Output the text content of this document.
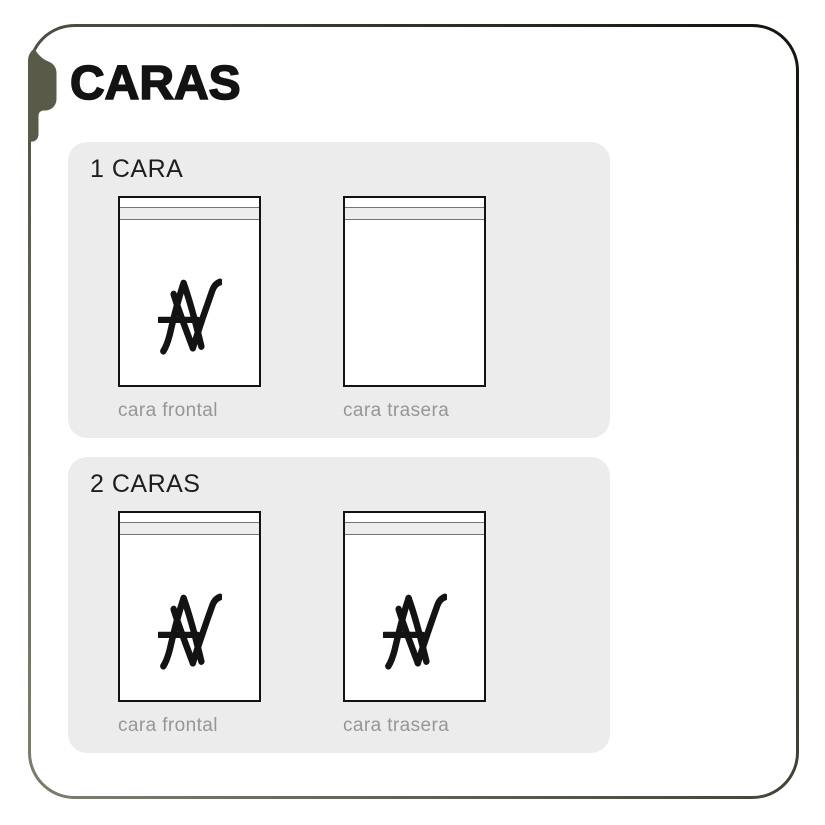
CARAS
1 CARA
cara frontal	cara trasera
2 CARAS
cara frontal	cara trasera
